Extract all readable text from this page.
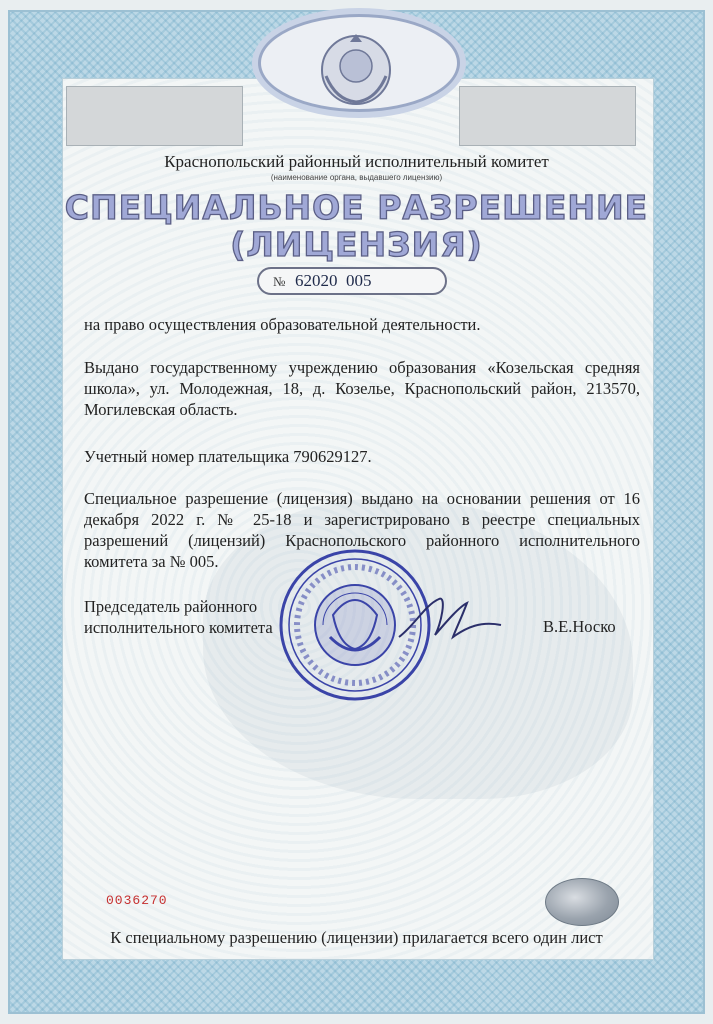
Краснопольский районный исполнительный комитет
(наименование органа, выдавшего лицензию)
СПЕЦИАЛЬНОЕ РАЗРЕШЕНИЕ
(ЛИЦЕНЗИЯ)
№ 62020  005
на право осуществления образовательной деятельности.
Выдано государственному учреждению образования «Козельская средняя школа», ул. Молодежная, 18, д. Козелье, Краснопольский район, 213570, Могилевская область.
Учетный номер плательщика 790629127.
Специальное разрешение (лицензия) выдано на основании решения от 16 декабря 2022 г. № 25-18 и зарегистрировано в реестре специальных разрешений (лицензий) Краснопольского районного исполнительного комитета за № 005.
Председатель районного
исполнительного комитета	В.Е.Носко
0036270
К специальному разрешению (лицензии) прилагается всего один лист
